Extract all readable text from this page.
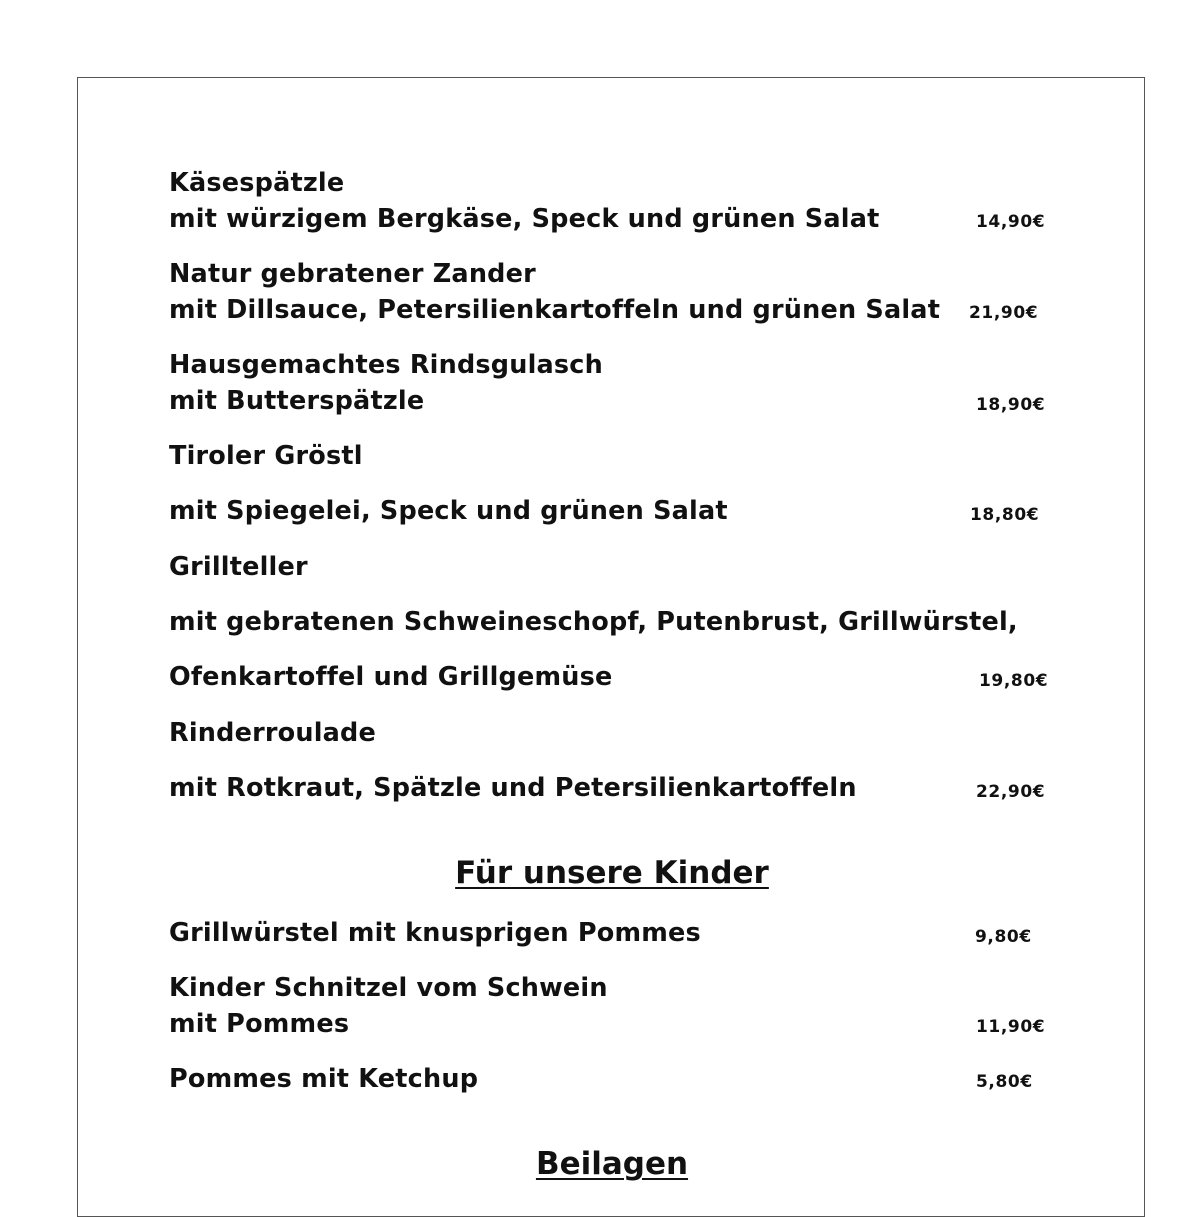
Käsespätzle
mit würzigem Bergkäse, Speck und grünen Salat	14,90€
Natur gebratener Zander
mit Dillsauce, Petersilienkartoffeln und grünen Salat 21,90€
Hausgemachtes Rindsgulasch
mit Butterspätzle	18,90€
Tiroler Gröstl
mit Spiegelei, Speck und grünen Salat	18,80€
Grillteller
mit gebratenen Schweineschopf, Putenbrust, Grillwürstel,
Ofenkartoffel und Grillgemüse	19,80€
Rinderroulade
mit Rotkraut, Spätzle und Petersilienkartoffeln	22,90€
Für unsere Kinder
Grillwürstel mit knusprigen Pommes	9,80€
Kinder Schnitzel vom Schwein
mit Pommes	11,90€
Pommes mit Ketchup	5,80€
Beilagen
